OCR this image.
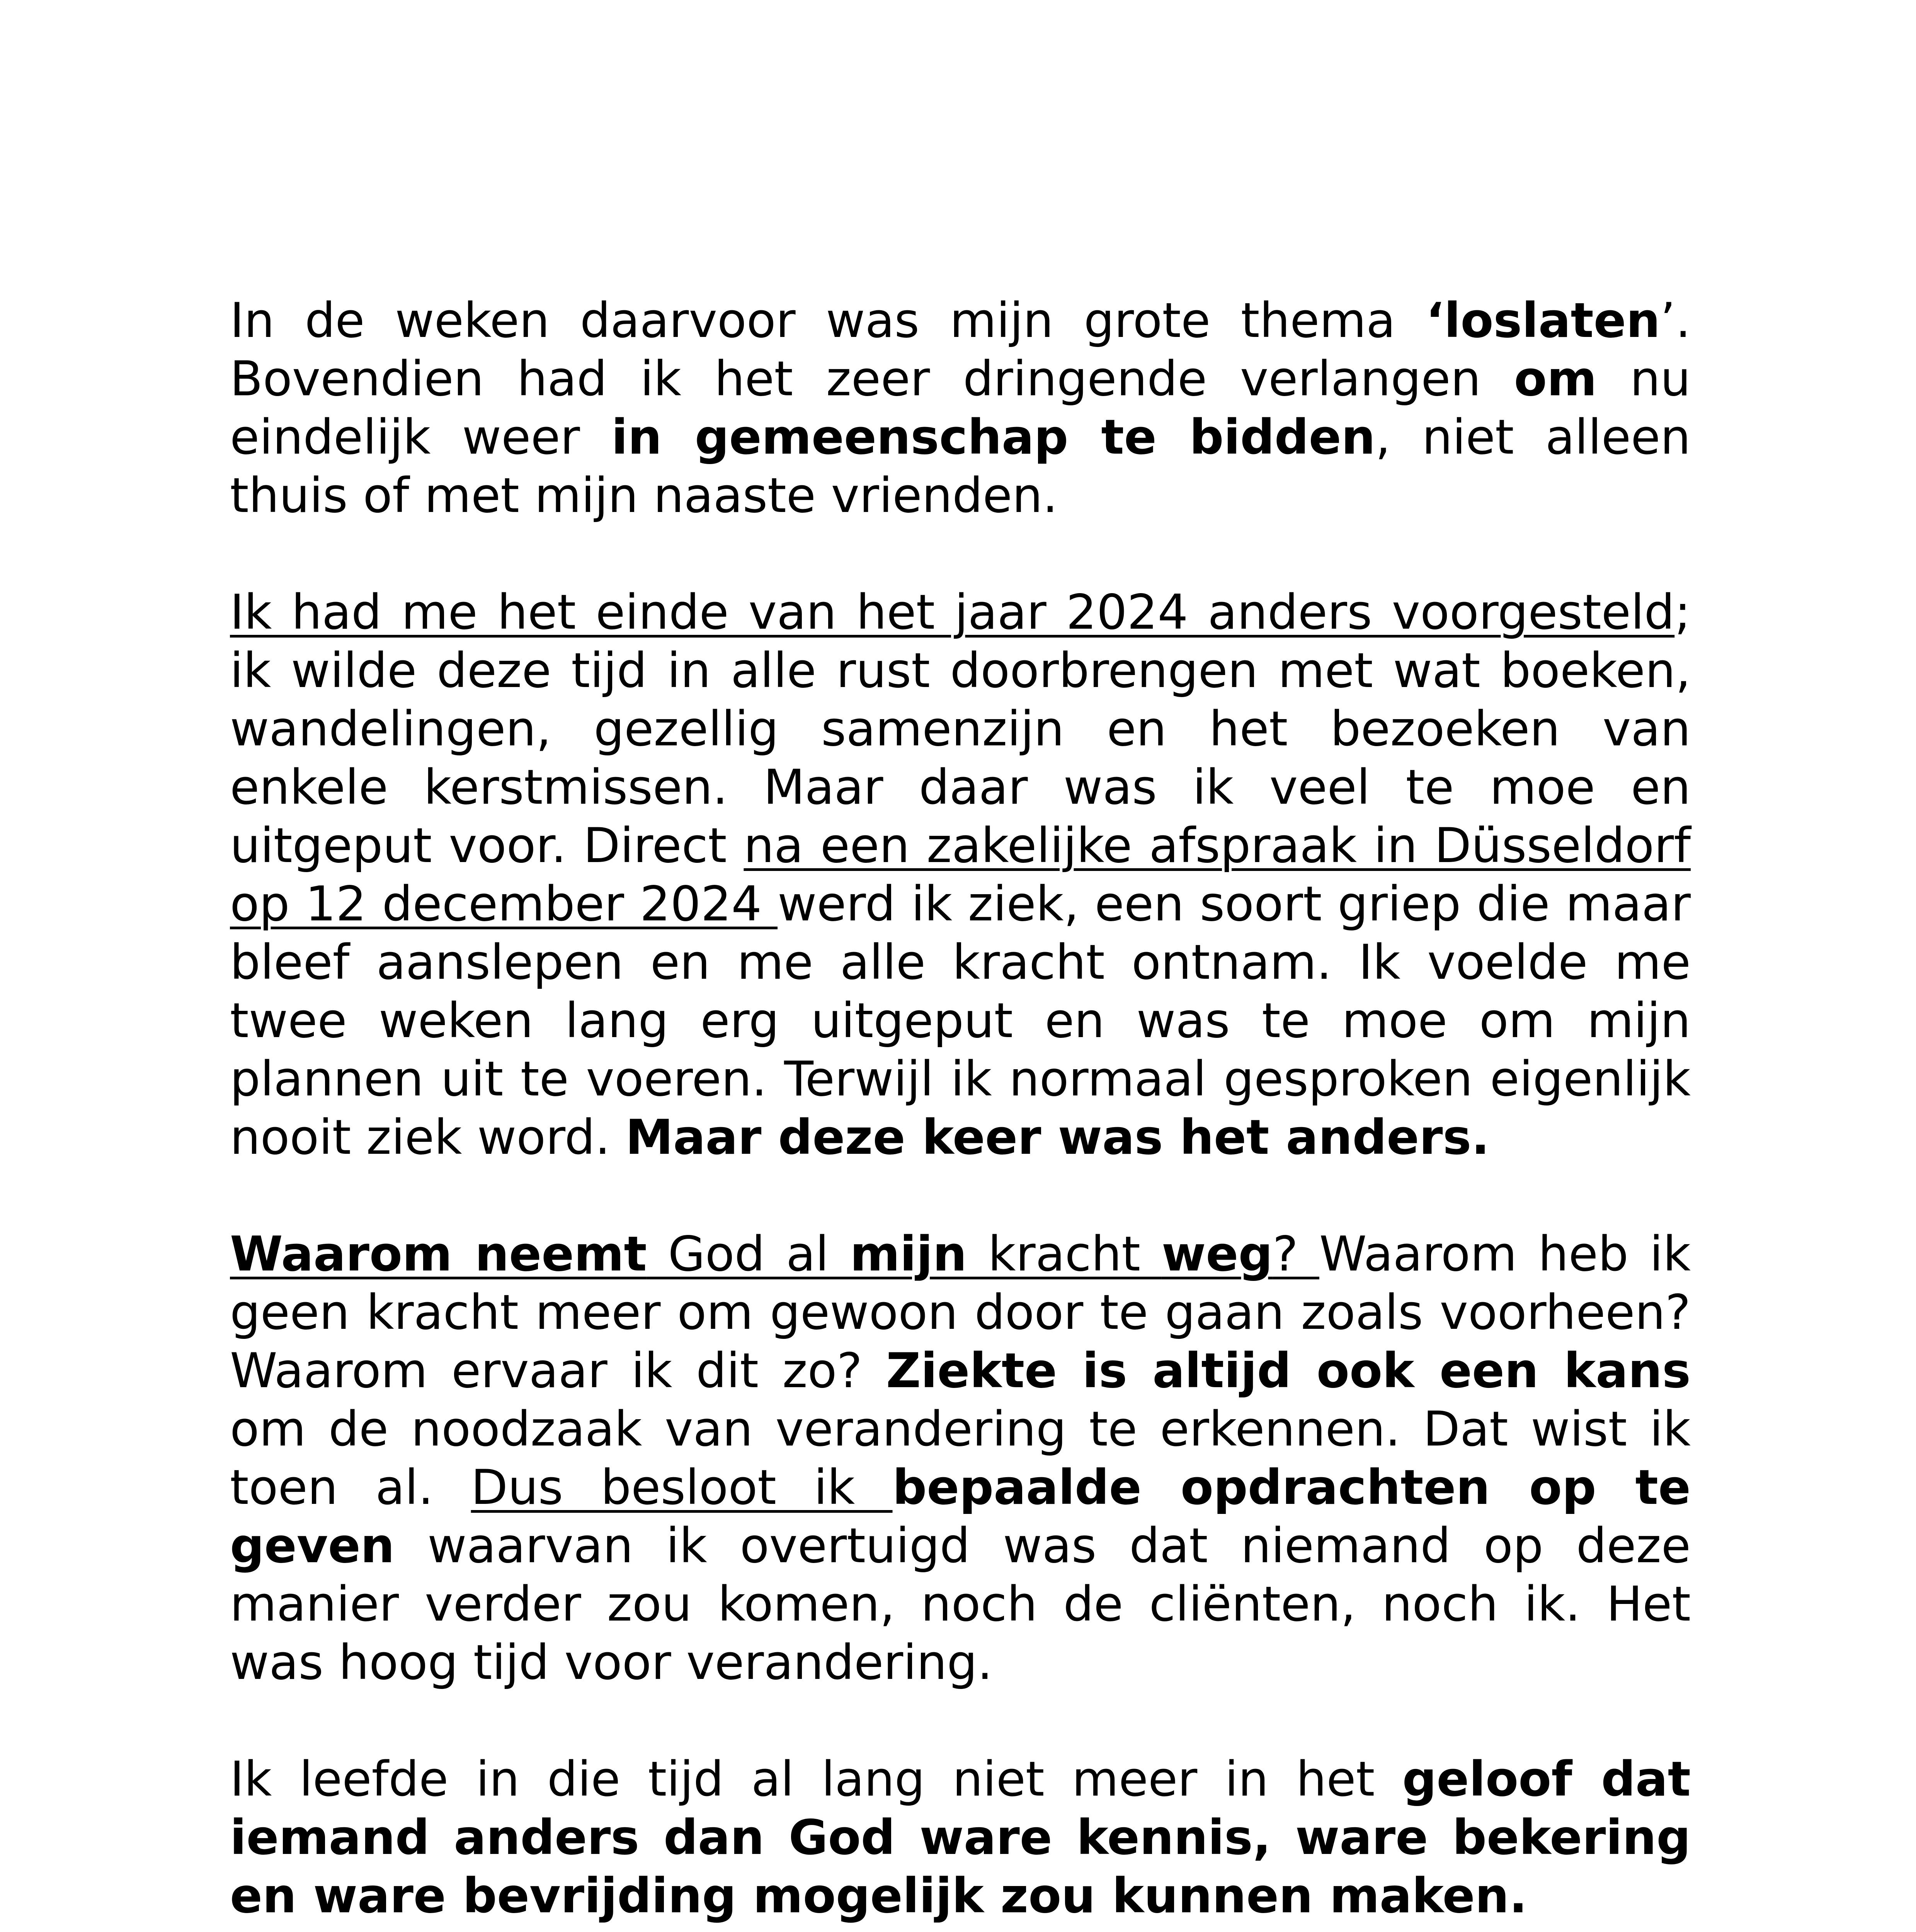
In de weken daarvoor was mijn grote thema ‘loslaten’. Bovendien had ik het zeer dringende verlangen om nu eindelijk weer in gemeenschap te bidden, niet alleen thuis of met mijn naaste vrienden.

Ik had me het einde van het jaar 2024 anders voorgesteld; ik wilde deze tijd in alle rust doorbrengen met wat boeken, wandelingen, gezellig samenzijn en het bezoeken van enkele kerstmissen. Maar daar was ik veel te moe en uitgeput voor. Direct na een zakelijke afspraak in Düsseldorf op 12 december 2024 werd ik ziek, een soort griep die maar bleef aanslepen en me alle kracht ontnam. Ik voelde me twee weken lang erg uitgeput en was te moe om mijn plannen uit te voeren. Terwijl ik normaal gesproken eigenlijk nooit ziek word. Maar deze keer was het anders.

Waarom neemt God al mijn kracht weg? Waarom heb ik geen kracht meer om gewoon door te gaan zoals voorheen? Waarom ervaar ik dit zo? Ziekte is altijd ook een kans om de noodzaak van verandering te erkennen. Dat wist ik toen al. Dus besloot ik bepaalde opdrachten op te geven waarvan ik overtuigd was dat niemand op deze manier verder zou komen, noch de cliënten, noch ik. Het was hoog tijd voor verandering.

Ik leefde in die tijd al lang niet meer in het geloof dat iemand anders dan God ware kennis, ware bekering en ware bevrijding mogelijk zou kunnen maken.
